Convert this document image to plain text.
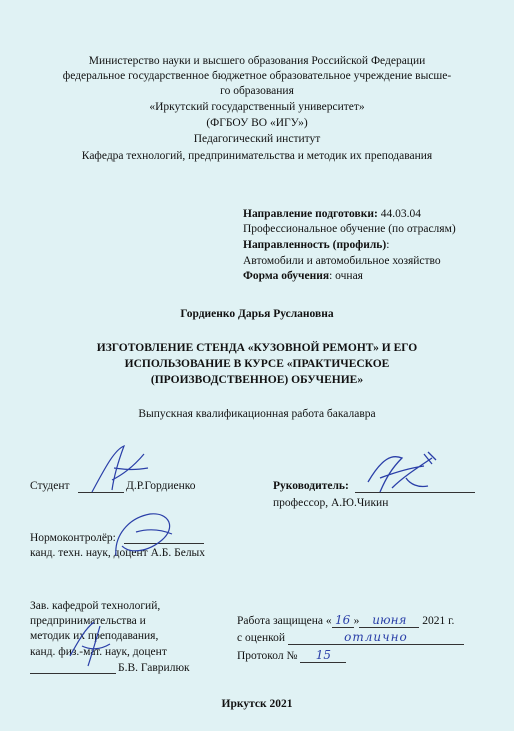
Министерство науки и высшего образования Российской Федерации
федеральное государственное бюджетное образовательное учреждение высше-
го образования
«Иркутский государственный университет»
(ФГБОУ ВО «ИГУ»)
Педагогический институт
Кафедра технологий, предпринимательства и методик их преподавания
Направление подготовки: 44.03.04
Профессиональное обучение (по отраслям)
Направленность (профиль):
Автомобили и автомобильное хозяйство
Форма обучения: очная
Гордиенко Дарья Руслановна
ИЗГОТОВЛЕНИЕ СТЕНДА «КУЗОВНОЙ РЕМОНТ» И ЕГО
ИСПОЛЬЗОВАНИЕ В КУРСЕ «ПРАКТИЧЕСКОЕ
(ПРОИЗВОДСТВЕННОЕ) ОБУЧЕНИЕ»
Выпускная квалификационная работа бакалавра
Студент	Д.Р.Гордиенко	Руководитель:
профессор, А.Ю.Чикин
Нормоконтролёр:
канд. техн. наук, доцент А.Б. Белых
Зав. кафедрой технологий,
предпринимательства и
методик их преподавания,
канд. физ.-мат. наук, доцент
Б.В. Гаврилюк
Работа защищена « 16 » июня 2021 г.
с оценкой	отлично
Протокол № 15
Иркутск 2021
